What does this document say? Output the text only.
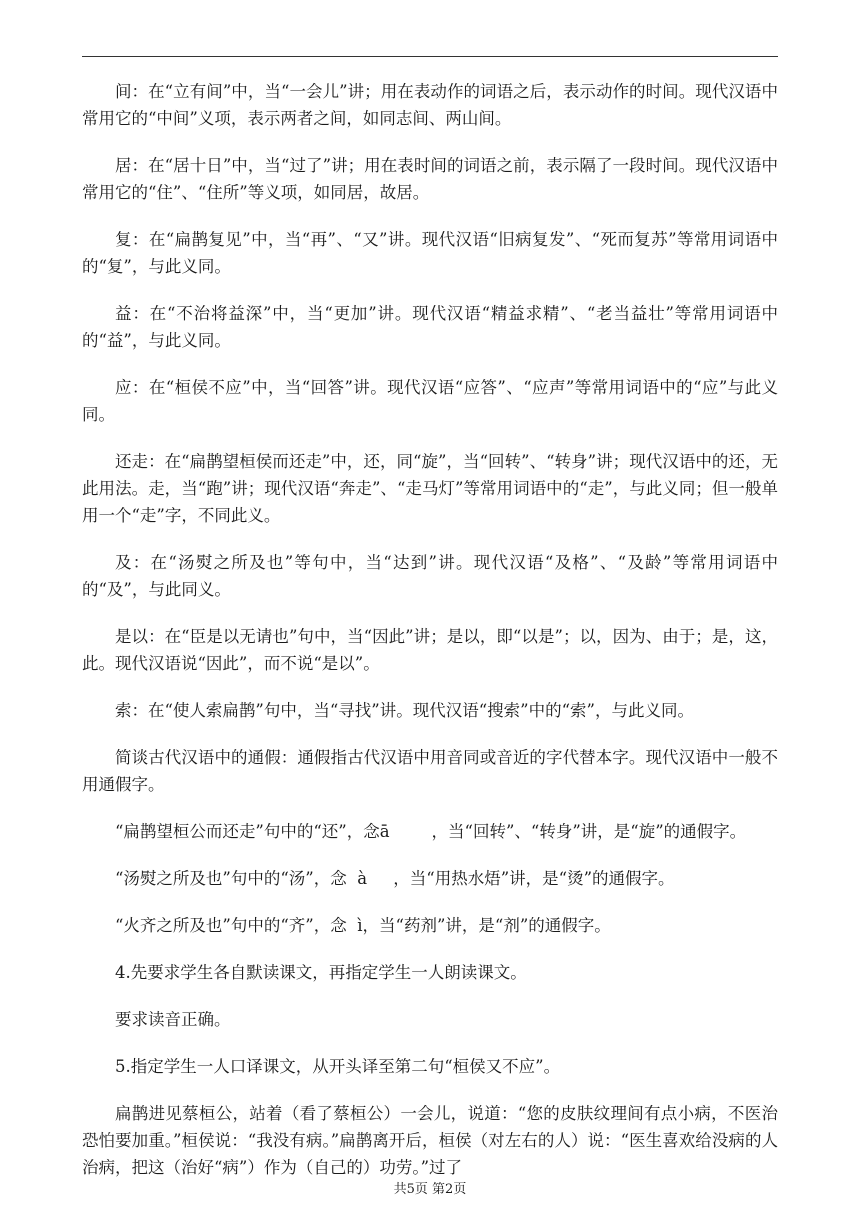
间：在“立有间”中，当“一会儿”讲；用在表动作的词语之后，表示动作的时间。现代汉语中常用它的“中间”义项，表示两者之间，如同志间、两山间。

居：在“居十日”中，当“过了”讲；用在表时间的词语之前，表示隔了一段时间。现代汉语中常用它的“住”、“住所”等义项，如同居，故居。

复：在“扁鹊复见”中，当“再”、“又”讲。现代汉语“旧病复发”、“死而复苏”等常用词语中的“复”，与此义同。

益：在“不治将益深”中，当“更加”讲。现代汉语“精益求精”、“老当益壮”等常用词语中的“益”，与此义同。

应：在“桓侯不应”中，当“回答”讲。现代汉语“应答”、“应声”等常用词语中的“应”与此义同。

还走：在“扁鹊望桓侯而还走”中，还，同“旋”，当“回转”、“转身”讲；现代汉语中的还，无此用法。走，当“跑”讲；现代汉语“奔走”、“走马灯”等常用词语中的“走”，与此义同；但一般单用一个“走”字，不同此义。

及：在“汤熨之所及也”等句中，当“达到”讲。现代汉语“及格”、“及龄”等常用词语中的“及”，与此同义。

是以：在“臣是以无请也”句中，当“因此”讲；是以，即“以是”；以，因为、由于；是，这，此。现代汉语说“因此”，而不说“是以”。

索：在“使人索扁鹊”句中，当“寻找”讲。现代汉语“搜索”中的“索”，与此义同。

简谈古代汉语中的通假：通假指古代汉语中用音同或音近的字代替本字。现代汉语中一般不用通假字。

“扁鹊望桓公而还走”句中的“还”，念ā        ，当“回转”、“转身”讲，是“旋”的通假字。

“汤熨之所及也”句中的“汤”，念  à     ，当“用热水焐”讲，是“烫”的通假字。

“火齐之所及也”句中的“齐”，念  ì，当“药剂”讲，是“剂”的通假字。

4.先要求学生各自默读课文，再指定学生一人朗读课文。

要求读音正确。

5.指定学生一人口译课文，从开头译至第二句“桓侯又不应”。

扁鹊进见蔡桓公，站着（看了蔡桓公）一会儿，说道：“您的皮肤纹理间有点小病，不医治恐怕要加重。”桓侯说：“我没有病。”扁鹊离开后，桓侯（对左右的人）说：“医生喜欢给没病的人治病，把这（治好“病”）作为（自己的）功劳。”过了

共5页 第2页
